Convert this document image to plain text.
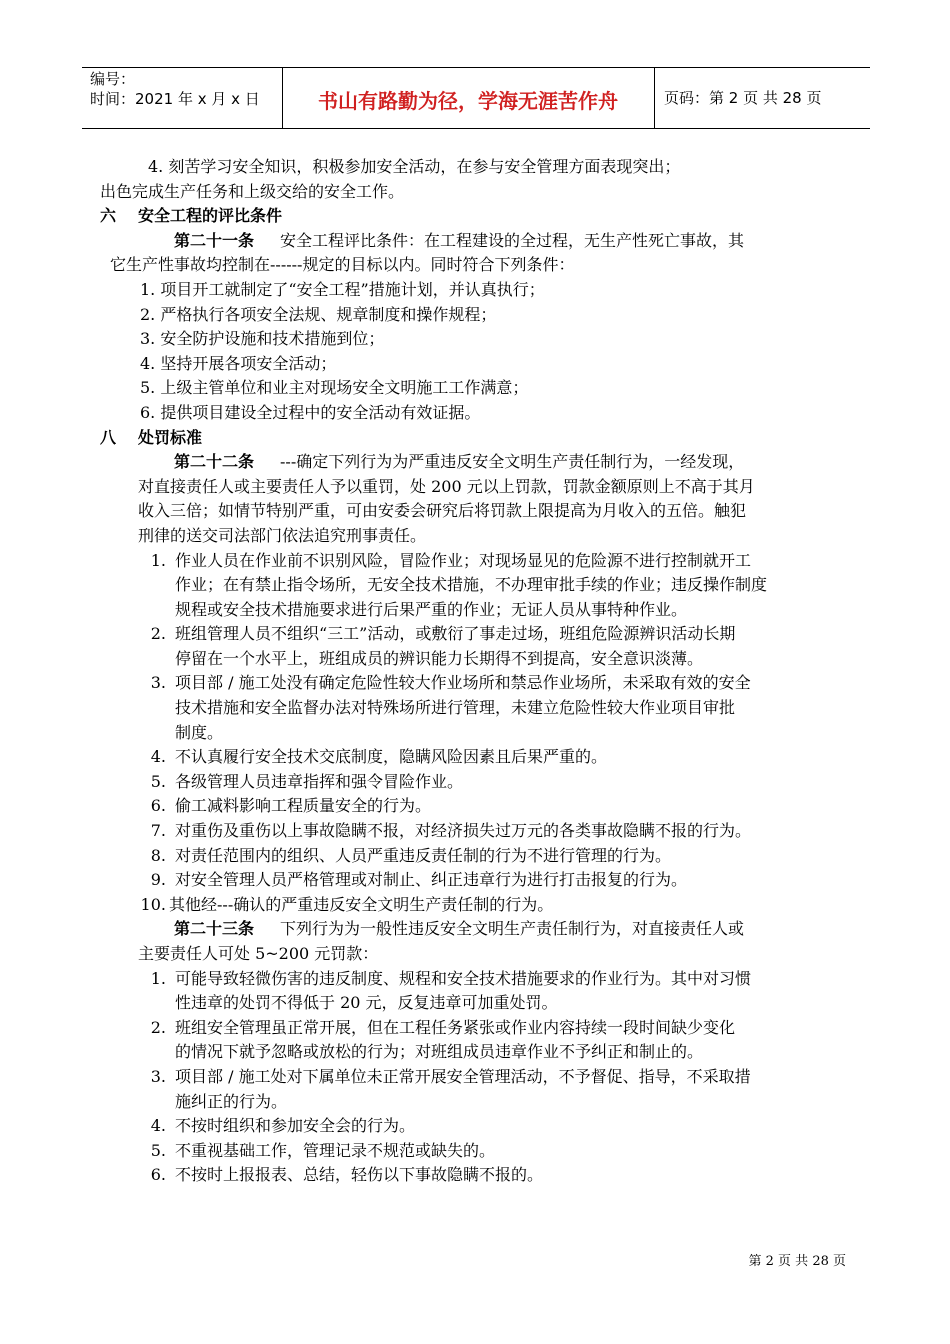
编号：
时间：2021 年 x 月 x 日	书山有路勤为径，学海无涯苦作舟	页码：第 2 页 共 28 页
4. 刻苦学习安全知识，积极参加安全活动，在参与安全管理方面表现突出；
出色完成生产任务和上级交给的安全工作。
六 安全工程的评比条件
第二十一条 安全工程评比条件：在工程建设的全过程，无生产性死亡事故，其
它生产性事故均控制在------规定的目标以内。同时符合下列条件：
1. 项目开工就制定了“安全工程”措施计划，并认真执行；
2. 严格执行各项安全法规、规章制度和操作规程；
3. 安全防护设施和技术措施到位；
4. 坚持开展各项安全活动；
5. 上级主管单位和业主对现场安全文明施工工作满意；
6. 提供项目建设全过程中的安全活动有效证据。
八 处罚标准
第二十二条 ---确定下列行为为严重违反安全文明生产责任制行为，一经发现，
对直接责任人或主要责任人予以重罚，处 200 元以上罚款，罚款金额原则上不高于其月
收入三倍；如情节特别严重，可由安委会研究后将罚款上限提高为月收入的五倍。触犯
刑律的送交司法部门依法追究刑事责任。
1. 作业人员在作业前不识别风险，冒险作业；对现场显见的危险源不进行控制就开工
作业；在有禁止指令场所，无安全技术措施，不办理审批手续的作业；违反操作制度
规程或安全技术措施要求进行后果严重的作业；无证人员从事特种作业。
2. 班组管理人员不组织“三工”活动，或敷衍了事走过场，班组危险源辨识活动长期
停留在一个水平上，班组成员的辨识能力长期得不到提高，安全意识淡薄。
3. 项目部 / 施工处没有确定危险性较大作业场所和禁忌作业场所，未采取有效的安全
技术措施和安全监督办法对特殊场所进行管理，未建立危险性较大作业项目审批
制度。
4. 不认真履行安全技术交底制度，隐瞒风险因素且后果严重的。
5. 各级管理人员违章指挥和强令冒险作业。
6. 偷工减料影响工程质量安全的行为。
7. 对重伤及重伤以上事故隐瞒不报，对经济损失过万元的各类事故隐瞒不报的行为。
8. 对责任范围内的组织、人员严重违反责任制的行为不进行管理的行为。
9. 对安全管理人员严格管理或对制止、纠正违章行为进行打击报复的行为。
10. 其他经---确认的严重违反安全文明生产责任制的行为。
第二十三条 下列行为为一般性违反安全文明生产责任制行为，对直接责任人或
主要责任人可处 5~200 元罚款：
1. 可能导致轻微伤害的违反制度、规程和安全技术措施要求的作业行为。其中对习惯
性违章的处罚不得低于 20 元，反复违章可加重处罚。
2. 班组安全管理虽正常开展，但在工程任务紧张或作业内容持续一段时间缺少变化
的情况下就予忽略或放松的行为；对班组成员违章作业不予纠正和制止的。
3. 项目部 / 施工处对下属单位未正常开展安全管理活动，不予督促、指导，不采取措
施纠正的行为。
4. 不按时组织和参加安全会的行为。
5. 不重视基础工作，管理记录不规范或缺失的。
6. 不按时上报报表、总结，轻伤以下事故隐瞒不报的。
第 2 页 共 28 页
